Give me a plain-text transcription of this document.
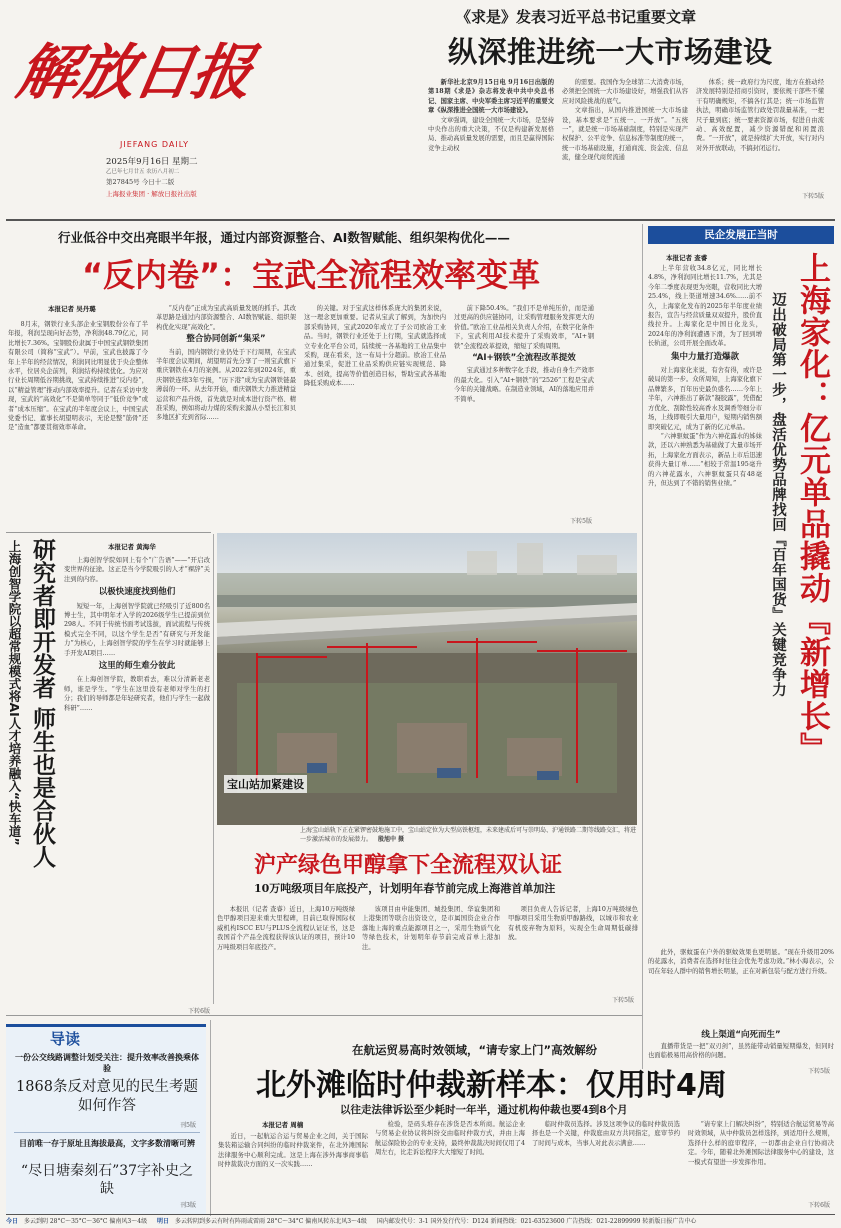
解放日报
JIEFANG DAILY
2025年9月16日 星期二
乙巳年七月廿五 农历八月初二
第27845号 今日十二版
上海报业集团 · 解放日报社出版
《求是》发表习近平总书记重要文章
纵深推进统一大市场建设

新华社北京9月15日电 9月16日出版的第18期《求是》杂志将发表中共中央总书记、国家主席、中央军委主席习近平的重要文章《纵深推进全国统一大市场建设》。

文章强调，建设全国统一大市场，是坚持中央作出的重大决策，不仅是构建新发展格局、推动高质量发展的需要，而且是赢得国际竞争主动权

的需要。我国作为全球第二大消费市场，必须把全国统一大市场建设好，增强我们从容应对风险挑战的底气。

文章指出，从国内推进国统一大市场建设，基本要求是“五统一、一开放”。“五统一”，就是统一市场基础制度，特别是实现产权保护、公平竞争、信息标准等制度的统一，统一市场基础设施，打通商流、资金流、信息流，健全现代商贸流通

体系；统一政府行为尺度，地方在推动经济发展特别是招商引资时，要依规干部些不懂干有明确规矩，不搞各行其是；统一市场监管执法，明确市场监管行政处罚裁量基准，一把尺子量到底；统一要素资源市场，促进自由流动、高效配置，减少资源错配和闲置浪费。“一开放”，就是持续扩大开放，实行对内对外开放联动，不搞封闭运行。

下转5版
行业低谷中交出亮眼半年报，通过内部资源整合、AI数智赋能、组织架构优化——
“反内卷”：宝武全流程效率变革
本报记者 吴丹璐

8月末，钢铁行业头部企业宝钢股份公布了半年报，利润呈现向好态势，净利润48.79亿元，同比增长7.36%。宝钢股份隶属于中国宝武钢铁集团有限公司（简称“宝武”）。早前，宝武也披露了今年上半年的经营情况，利润同比明显优于央企整体水平，位居央企前列，利润结构持续优化。为应对行业长周期低谷期挑战，宝武持续推进“反内卷”，以“精益管理”推动内部效率提升。记者在采访中发现，宝武的“高效化”不是简单等同于“低价竞争”或者“成本压缩”。在宝武的半年度会议上，中国宝武党委书记、董事长胡望明表示，无论是整“筋骨”还是“造血”都要贯彻效率革命。

“反内卷”正成为宝武高质量发展的抓手。其改革思路是通过内部资源整合、AI数智赋能、组织架构优化实现“高效化”。

整合协同创新“集采”

当前，国内钢铁行业仍处于下行周期，在宝武半年度会议期间，胡望明首先分享了一则宝武旗下重庆钢铁在4月的案例。从2022年到2024年，重庆钢铁连续3年亏损，“历下港”成为宝武钢铁链最薄弱的一环。从去年开始，重庆钢铁大力推进精益运营和产品升级，首先就是对成本进行资产格、精准采购，例如将动力煤的采购来源从小型长江和贝多地区扩充到省际……

的关键。对于宝武这样体系庞大的集团来说，这一理念更加重要。记者从宝武了解到，为加快内部采购协同，宝武2020年成立了子公司欧冶工业品。当时，钢铁行业还处于上行期，宝武就选择成立专业化平台公司，陆续统一各基地的工业品集中采购，现在看来，这一布局十分超前。欧冶工业品通过集采，促进工业品采购供应链实现规范、降本、创效，提高等价值创造目标，帮助宝武各基地降低采购成本……

前下降50.4%。“我们不是单纯压价，而是通过更高的供应链协同，让采购管理服务发挥更大的价值。”欧冶工业品相关负责人介绍，在数字化条件下，宝武利用AI技术提升了采购效率，“AI+钢铁”全流程改革提效，缩短了采购周期。

“AI+钢铁”全流程改革提效

宝武通过多种数字化手段，推动自身生产效率的最大化。引入“AI+钢铁”的“2526”工程是宝武今年的关键战略。在制造业领域，AI的落地应用并不简单。

下转5版
民企发展正当时
上海家化：亿元单品撬动『新增长』
迈出破局第一步，盘活优势品牌找回『百年国货』关键竞争力
本报记者 查睿

上半年营收34.8亿元，同比增长4.8%，净利润同比增长11.7%，尤其是今年二季度表现更为亮眼，营收同比大增25.4%，线上渠道增速34.6%……前不久，上海家化发布的2025年半年度业绩报告，宣告与经营质量双双提升，股价直线拉升。上海家化是中国日化龙头，2024年的净利润遭遇下滑，为了回到增长轨道，公司开展全面改革。

集中力量打造爆款

对上海家化来说，有舍有得，或许是破局的第一步。众所周知，上海家化旗下品牌繁多，百年历史最负盛名……今年上半年，六神推出了新款“凝胶露”，凭借配方优化、刮除性较高香水及调香等细分市场，上线即吸引大量用户，短期内销售额即突破亿元，成为了新的亿元单品。

“六神驱蚊蛋”作为六神花露水的姊妹款，还以六神熟悉为基础做了大量市场开拓，上海家化方面表示，新品上市后迅速获得大量订单……“相较于常温195毫升的六神花露水，六神驱蚊蛋只有48毫升，但达到了不错的销售业绩。”

此外，驱蚊蛋在户外的驱蚊效果也更明显。“现在升级用20%的花露水，消费者在选择时往往会优先考虑功效。”林小海表示，公司在年轻人群中的销售增长明显，正在对新包装与配方进行升级。

线上渠道“向死而生”

直播带货是一把“双刃剑”，虽然能带动销量短期爆发，但同时也面临极易用高价格的问题。

下转5版
研究者即开发者 师生也是合伙人
上海创智学院以超常规模式将AI人才培养融入“快车道”	本报记者 黄海华

上海创智学院如同上有个“广告语”——“开启改变世界的征途。这正是当今学院吸引的人才“裸辞”关注到的内容。

以极快速度找到他们

短短一年，上海创智学院就已经吸引了近800名博士生，其中明年才入学的2026级学生已提前到位298人。不同于传统书面考试选拔，面试流程与传统模式完全不同，以这个学生是否“有研究与开发能力”为核心，上海创智学院的学生在学习时就能够上手开发AI项目……

这里的师生难分彼此

在上海创智学院，教职看去，难以分清新老老师，谁是学生。“学生在这里没有老师对学生的打分；我们的导师都是年轻研究者，他们与学生一起做科研”……

下转6版
宝山站加紧建设
上海宝山站轨下正在紧锣密鼓地施工中，宝山站定位为大型高铁枢纽，未来建成后可与崇明岛、沪通铁路二期等线路交汇，将进一步激活城市的发展潜力。 殷旭中 摄
沪产绿色甲醇拿下全流程双认证
10万吨级项目年底投产，计划明年春节前完成上海港首单加注

本报讯（记者 查睿）近日，上海10万吨级绿色甲醇项目迎来重大里程碑，目前已取得国际权威机构ISCC EU与PLUS全流程认证证书，这是我国首个产品全流程获得该认证的项目，预计10万吨级项目年底投产。

该项目由申能集团、城投集团、华谊集团和上港集团等联合出资设立，是市属国资企业合作落地上海的重点能源项目之一，采用生物质气化等绿色技术，计划明年春节前完成首单上港加注。

项目负责人告诉记者，上海10万吨级绿色甲醇项目采用生物质甲醇路线，以城市和农业有机废弃物为原料，实现全生命周期低碳排放。

下转5版
导读
一份公交线路调整计划受关注：提升效率改善换乘体验
1868条反对意见的民生考题如何作答
刊5版
目前唯一存于原址且海拔最高，文字多数清晰可辨
“尽日塘秦刻石”37字补史之缺
刊3版
在航运贸易高时效领域，“请专家上门”高效解纷
北外滩临时仲裁新样本：仅用时4周
以往走法律诉讼至少耗时一年半，通过机构仲裁也要4到8个月
本报记者 周楠

近日，一起航运合运与贸易企业之间，关于国际集装箱运输合同纠纷的临时仲裁案件，在北外滩国际法律服务中心顺利完成。这是上海在涉外海事商事临时仲裁裁决方面的又一次实践……

检验，是码头堆存在涉货是否本所商。航运企业与贸易企业协议将纠纷交由临时仲裁方式，并由上海航运保险协会的专业支持，最终仲裁裁决时间仅用了4周左右，比走诉讼程序大大缩短了时间。

临时仲裁员选择。涉及这项争议的临时仲裁员选择也是一个关键，仲裁庭由双方共同指定，庭审节约了时间与成本，当事人对此表示满意……

“请专家上门解决纠纷”，特别适合航运贸易等高时效领域，从中仲裁员怎样选择，到适用什么规则，选择什么样的庭审程序，一切都由企业自行协商决定。今年，随着北外滩国际法律服务中心的建设，这一模式有望进一步发挥作用。

下转6版
今日 多云到阴 28°C～35°C～36°C 偏南风3～4级 明日 多云转阴到多云有时有阵雨或雷雨 28°C～34°C 偏南风转东北风3～4级 国内邮发代号：3-1 国外发行代号：D124 新闻热线：021-63523600 广告热线：021-22899999 转新版日报广告中心
